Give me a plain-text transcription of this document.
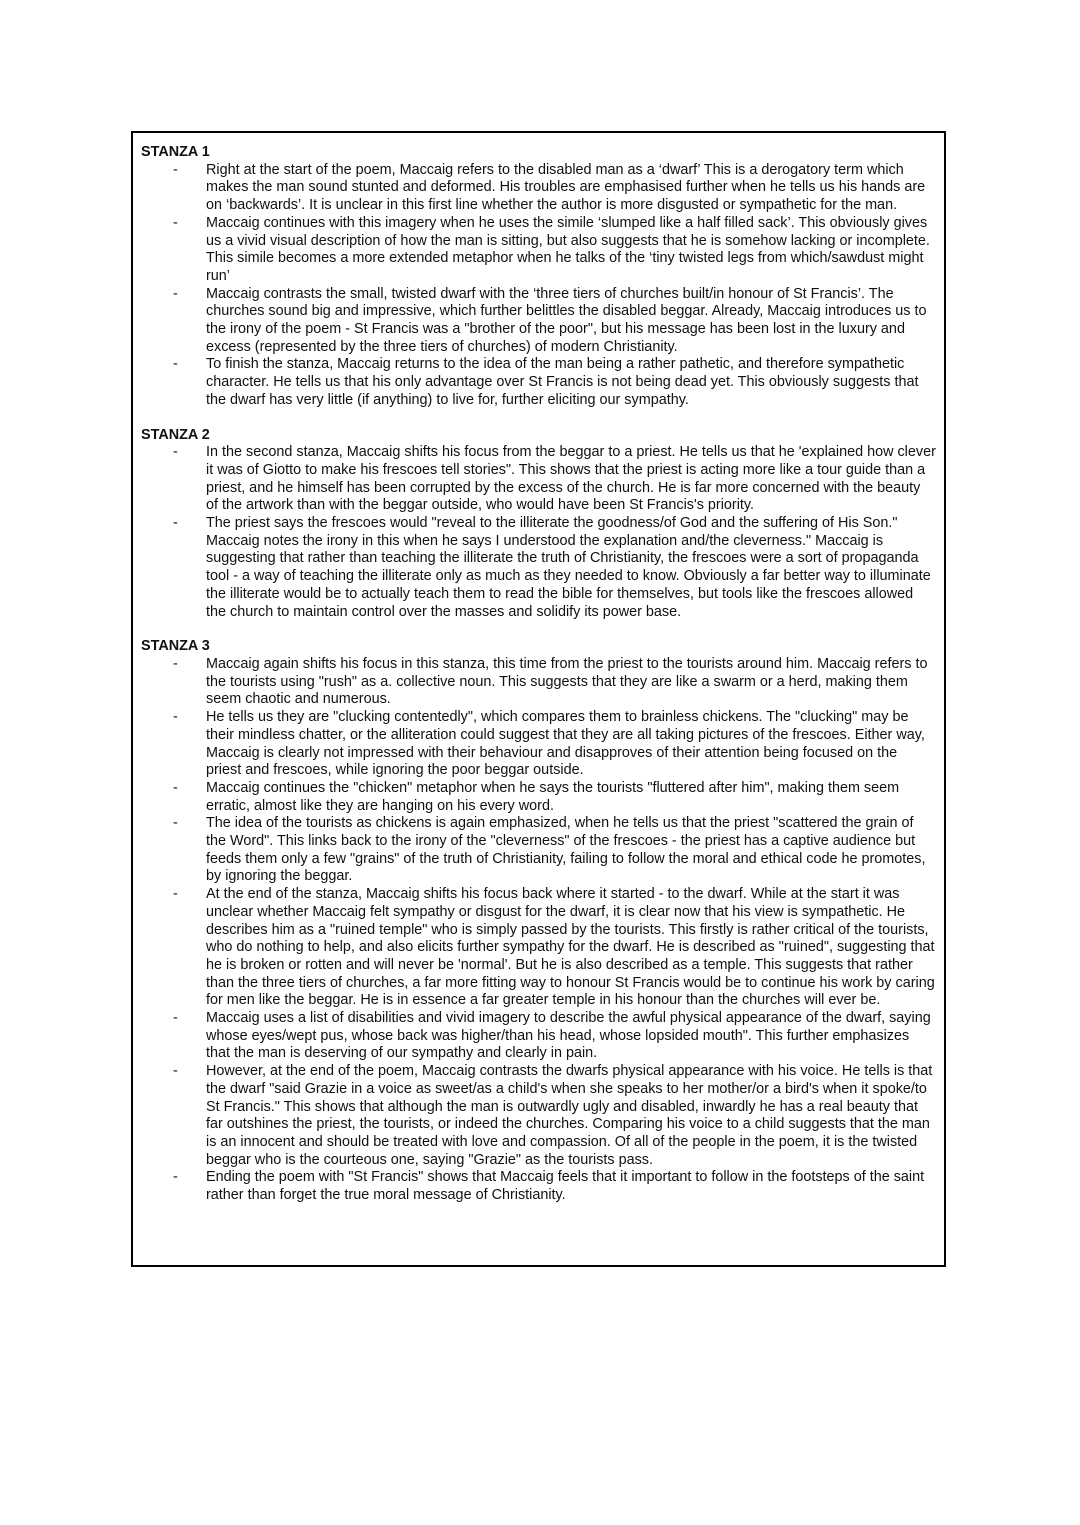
STANZA 1
- Right at the start of the poem, Maccaig refers to the disabled man as a ‘dwarf’ This is a derogatory term which makes the man sound stunted and deformed. His troubles are emphasised further when he tells us his hands are on ‘backwards’. It is unclear in this first line whether the author is more disgusted or sympathetic for the man.
- Maccaig continues with this imagery when he uses the simile ‘slumped like a half filled sack’. This obviously gives us a vivid visual description of how the man is sitting, but also suggests that he is somehow lacking or incomplete. This simile becomes a more extended metaphor when he talks of the ‘tiny twisted legs from which/sawdust might run’
- Maccaig contrasts the small, twisted dwarf with the ‘three tiers of churches built/in honour of St Francis’. The churches sound big and impressive, which further belittles the disabled beggar. Already, Maccaig introduces us to the irony of the poem - St Francis was a "brother of the poor", but his message has been lost in the luxury and excess (represented by the three tiers of churches) of modern Christianity.
- To finish the stanza, Maccaig returns to the idea of the man being a rather pathetic, and therefore sympathetic character. He tells us that his only advantage over St Francis is not being dead yet. This obviously suggests that the dwarf has very little (if anything) to live for, further eliciting our sympathy.
STANZA 2
- In the second stanza, Maccaig shifts his focus from the beggar to a priest. He tells us that he 'explained how clever it was of Giotto to make his frescoes tell stories". This shows that the priest is acting more like a tour guide than a priest, and he himself has been corrupted by the excess of the church. He is far more concerned with the beauty of the artwork than with the beggar outside, who would have been St Francis's priority.
- The priest says the frescoes would "reveal to the illiterate the goodness/of God and the suffering of His Son." Maccaig notes the irony in this when he says I understood the explanation and/the cleverness." Maccaig is suggesting that rather than teaching the illiterate the truth of Christianity, the frescoes were a sort of propaganda tool - a way of teaching the illiterate only as much as they needed to know. Obviously a far better way to illuminate the illiterate would be to actually teach them to read the bible for themselves, but tools like the frescoes allowed the church to maintain control over the masses and solidify its power base.
STANZA 3
- Maccaig again shifts his focus in this stanza, this time from the priest to the tourists around him. Maccaig refers to the tourists using "rush" as a. collective noun. This suggests that they are like a swarm or a herd, making them seem chaotic and numerous.
- He tells us they are "clucking contentedly", which compares them to brainless chickens. The "clucking" may be their mindless chatter, or the alliteration could suggest that they are all taking pictures of the frescoes. Either way, Maccaig is clearly not impressed with their behaviour and disapproves of their attention being focused on the priest and frescoes, while ignoring the poor beggar outside.
- Maccaig continues the "chicken" metaphor when he says the tourists "fluttered after him", making them seem erratic, almost like they are hanging on his every word.
- The idea of the tourists as chickens is again emphasized, when he tells us that the priest "scattered the grain of the Word". This links back to the irony of the "cleverness" of the frescoes - the priest has a captive audience but feeds them only a few "grains" of the truth of Christianity, failing to follow the moral and ethical code he promotes, by ignoring the beggar.
- At the end of the stanza, Maccaig shifts his focus back where it started - to the dwarf. While at the start it was unclear whether Maccaig felt sympathy or disgust for the dwarf, it is clear now that his view is sympathetic. He describes him as a "ruined temple" who is simply passed by the tourists. This firstly is rather critical of the tourists, who do nothing to help, and also elicits further sympathy for the dwarf. He is described as "ruined", suggesting that he is broken or rotten and will never be 'normal'. But he is also described as a temple. This suggests that rather than the three tiers of churches, a far more fitting way to honour St Francis would be to continue his work by caring for men like the beggar. He is in essence a far greater temple in his honour than the churches will ever be.
- Maccaig uses a list of disabilities and vivid imagery to describe the awful physical appearance of the dwarf, saying whose eyes/wept pus, whose back was higher/than his head, whose lopsided mouth". This further emphasizes that the man is deserving of our sympathy and clearly in pain.
- However, at the end of the poem, Maccaig contrasts the dwarfs physical appearance with his voice. He tells is that the dwarf "said Grazie in a voice as sweet/as a child's when she speaks to her mother/or a bird's when it spoke/to St Francis." This shows that although the man is outwardly ugly and disabled, inwardly he has a real beauty that far outshines the priest, the tourists, or indeed the churches. Comparing his voice to a child suggests that the man is an innocent and should be treated with love and compassion. Of all of the people in the poem, it is the twisted beggar who is the courteous one, saying "Grazie" as the tourists pass.
- Ending the poem with "St Francis" shows that Maccaig feels that it important to follow in the footsteps of the saint rather than forget the true moral message of Christianity.
